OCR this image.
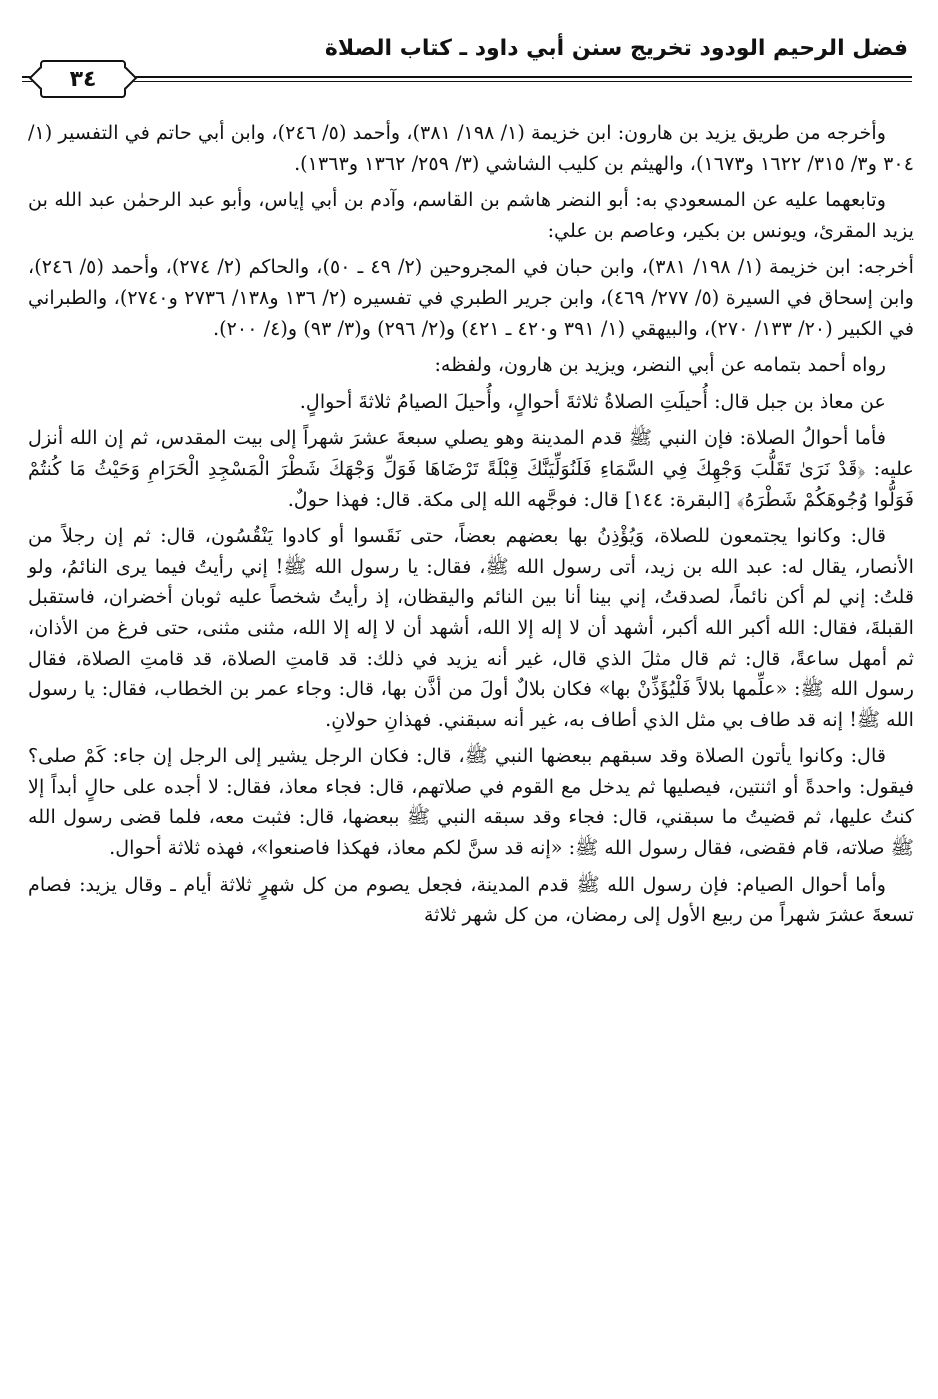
فضل الرحيم الودود تخريج سنن أبي داود ـ كتاب الصلاة
٣٤

وأخرجه من طريق يزيد بن هارون: ابن خزيمة (١/ ١٩٨/ ٣٨١)، وأحمد (٥/ ٢٤٦)، وابن أبي حاتم في التفسير (١/ ٣٠٤ و٣/ ٣١٥/ ١٦٢٢ و١٦٧٣)، والهيثم بن كليب الشاشي (٣/ ٢٥٩/ ١٣٦٢ و١٣٦٣).

وتابعهما عليه عن المسعودي به: أبو النضر هاشم بن القاسم، وآدم بن أبي إياس، وأبو عبد الرحمٰن عبد الله بن يزيد المقرئ، ويونس بن بكير، وعاصم بن علي:

أخرجه: ابن خزيمة (١/ ١٩٨/ ٣٨١)، وابن حبان في المجروحين (٢/ ٤٩ ـ ٥٠)، والحاكم (٢/ ٢٧٤)، وأحمد (٥/ ٢٤٦)، وابن إسحاق في السيرة (٥/ ٢٧٧/ ٤٦٩)، وابن جرير الطبري في تفسيره (٢/ ١٣٦ و١٣٨/ ٢٧٣٦ و٢٧٤٠)، والطبراني في الكبير (٢٠/ ١٣٣/ ٢٧٠)، والبيهقي (١/ ٣٩١ و٤٢٠ ـ ٤٢١) و(٢/ ٢٩٦) و(٣/ ٩٣) و(٤/ ٢٠٠).

رواه أحمد بتمامه عن أبي النضر، ويزيد بن هارون، ولفظه:

عن معاذ بن جبل قال: أُحيلَتِ الصلاةُ ثلاثةَ أحوالٍ، وأُحيلَ الصيامُ ثلاثةَ أحوالٍ.

فأما أحوالُ الصلاة: فإن النبي ﷺ قدم المدينة وهو يصلي سبعةَ عشرَ شهراً إلى بيت المقدس، ثم إن الله أنزل عليه: ﴿قَدْ نَرَىٰ تَقَلُّبَ وَجْهِكَ فِي السَّمَاءِ فَلَنُوَلِّيَنَّكَ قِبْلَةً تَرْضَاهَا فَوَلِّ وَجْهَكَ شَطْرَ الْمَسْجِدِ الْحَرَامِ وَحَيْثُ مَا كُنتُمْ فَوَلُّوا وُجُوهَكُمْ شَطْرَهُ﴾ [البقرة: ١٤٤] قال: فوجَّهه الله إلى مكة. قال: فهذا حولٌ.

قال: وكانوا يجتمعون للصلاة، وَيُؤْذِنُ بها بعضهم بعضاً، حتى نَقَسوا أو كادوا يَنْقُسُون، قال: ثم إن رجلاً من الأنصار، يقال له: عبد الله بن زيد، أتى رسول الله ﷺ، فقال: يا رسول الله ﷺ! إني رأيتُ فيما يرى النائمُ، ولو قلتُ: إني لم أكن نائماً، لصدقتُ، إني بينا أنا بين النائم واليقظان، إذ رأيتُ شخصاً عليه ثوبان أخضران، فاستقبل القبلةَ، فقال: الله أكبر الله أكبر، أشهد أن لا إله إلا الله، أشهد أن لا إله إلا الله، مثنى مثنى، حتى فرغ من الأذان، ثم أمهل ساعةً، قال: ثم قال مثلَ الذي قال، غير أنه يزيد في ذلك: قد قامتِ الصلاة، قد قامتِ الصلاة، فقال رسول الله ﷺ: «علِّمها بلالاً فَلْيُؤَذِّنْ بها» فكان بلالٌ أولَ من أذَّن بها، قال: وجاء عمر بن الخطاب، فقال: يا رسول الله ﷺ! إنه قد طاف بي مثل الذي أطاف به، غير أنه سبقني. فهذانِ حولانِ.

قال: وكانوا يأتون الصلاة وقد سبقهم ببعضها النبي ﷺ، قال: فكان الرجل يشير إلى الرجل إن جاء: كَمْ صلى؟ فيقول: واحدةً أو اثنتين، فيصليها ثم يدخل مع القوم في صلاتهم، قال: فجاء معاذ، فقال: لا أجده على حالٍ أبداً إلا كنتُ عليها، ثم قضيتُ ما سبقني، قال: فجاء وقد سبقه النبي ﷺ ببعضها، قال: فثبت معه، فلما قضى رسول الله ﷺ صلاته، قام فقضى، فقال رسول الله ﷺ: «إنه قد سنَّ لكم معاذ، فهكذا فاصنعوا»، فهذه ثلاثة أحوال.

وأما أحوال الصيام: فإن رسول الله ﷺ قدم المدينة، فجعل يصوم من كل شهرٍ ثلاثة أيام ـ وقال يزيد: فصام تسعةَ عشرَ شهراً من ربيع الأول إلى رمضان، من كل شهر ثلاثة
